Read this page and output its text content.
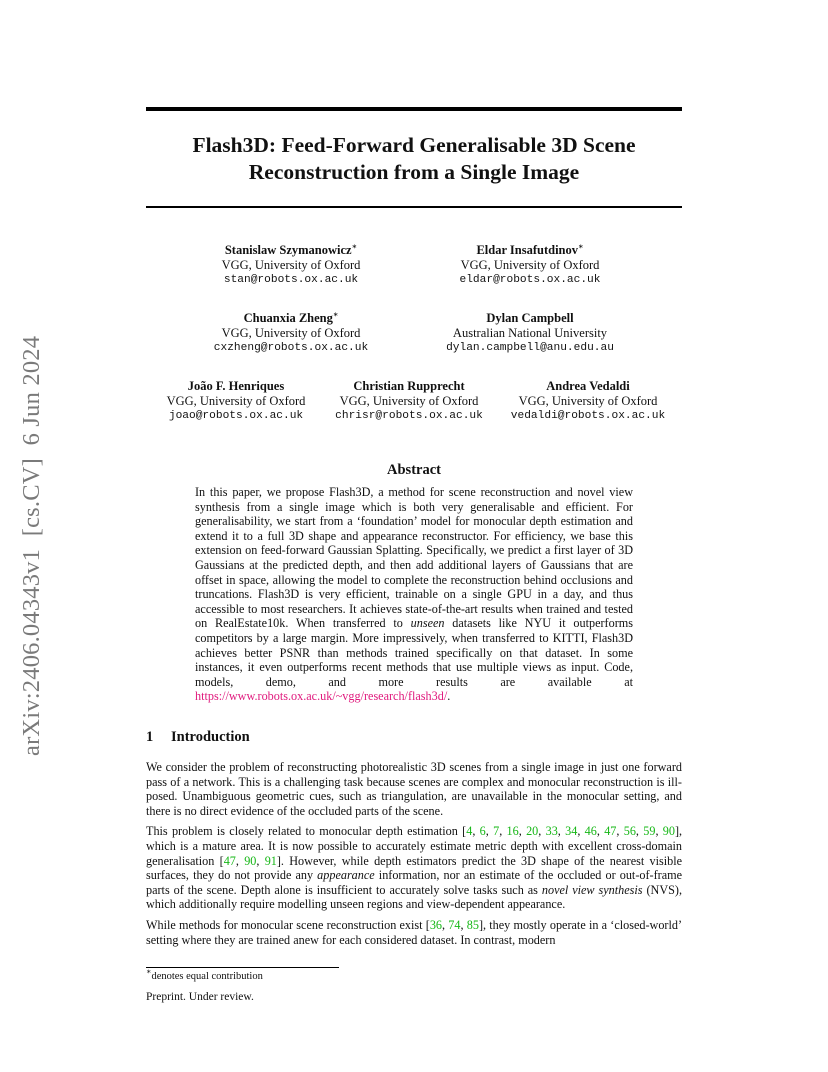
arXiv:2406.04343v1  [cs.CV]  6 Jun 2024
Flash3D: Feed-Forward Generalisable 3D Scene
Reconstruction from a Single Image
Stanislaw Szymanowicz∗
VGG, University of Oxford
stan@robots.ox.ac.uk
Eldar Insafutdinov∗
VGG, University of Oxford
eldar@robots.ox.ac.uk
Chuanxia Zheng∗
VGG, University of Oxford
cxzheng@robots.ox.ac.uk
Dylan Campbell
Australian National University
dylan.campbell@anu.edu.au
João F. Henriques
VGG, University of Oxford
joao@robots.ox.ac.uk
Christian Rupprecht
VGG, University of Oxford
chrisr@robots.ox.ac.uk
Andrea Vedaldi
VGG, University of Oxford
vedaldi@robots.ox.ac.uk
Abstract

In this paper, we propose Flash3D, a method for scene reconstruction and novel view synthesis from a single image which is both very generalisable and efficient. For generalisability, we start from a ‘foundation’ model for monocular depth estimation and extend it to a full 3D shape and appearance reconstructor. For efficiency, we base this extension on feed-forward Gaussian Splatting. Specifically, we predict a first layer of 3D Gaussians at the predicted depth, and then add additional layers of Gaussians that are offset in space, allowing the model to complete the reconstruction behind occlusions and truncations. Flash3D is very efficient, trainable on a single GPU in a day, and thus accessible to most researchers. It achieves state-of-the-art results when trained and tested on RealEstate10k. When transferred to unseen datasets like NYU it outperforms competitors by a large margin. More impressively, when transferred to KITTI, Flash3D achieves better PSNR than methods trained specifically on that dataset. In some instances, it even outperforms recent methods that use multiple views as input. Code, models, demo, and more results are available at https://www.robots.ox.ac.uk/~vgg/research/flash3d/.

1 Introduction

We consider the problem of reconstructing photorealistic 3D scenes from a single image in just one forward pass of a network. This is a challenging task because scenes are complex and monocular reconstruction is ill-posed. Unambiguous geometric cues, such as triangulation, are unavailable in the monocular setting, and there is no direct evidence of the occluded parts of the scene.

This problem is closely related to monocular depth estimation [4, 6, 7, 16, 20, 33, 34, 46, 47, 56, 59, 90], which is a mature area. It is now possible to accurately estimate metric depth with excellent cross-domain generalisation [47, 90, 91]. However, while depth estimators predict the 3D shape of the nearest visible surfaces, they do not provide any appearance information, nor an estimate of the occluded or out-of-frame parts of the scene. Depth alone is insufficient to accurately solve tasks such as novel view synthesis (NVS), which additionally require modelling unseen regions and view-dependent appearance.

While methods for monocular scene reconstruction exist [36, 74, 85], they mostly operate in a ‘closed-world’ setting where they are trained anew for each considered dataset. In contrast, modern

∗denotes equal contribution
Preprint. Under review.
